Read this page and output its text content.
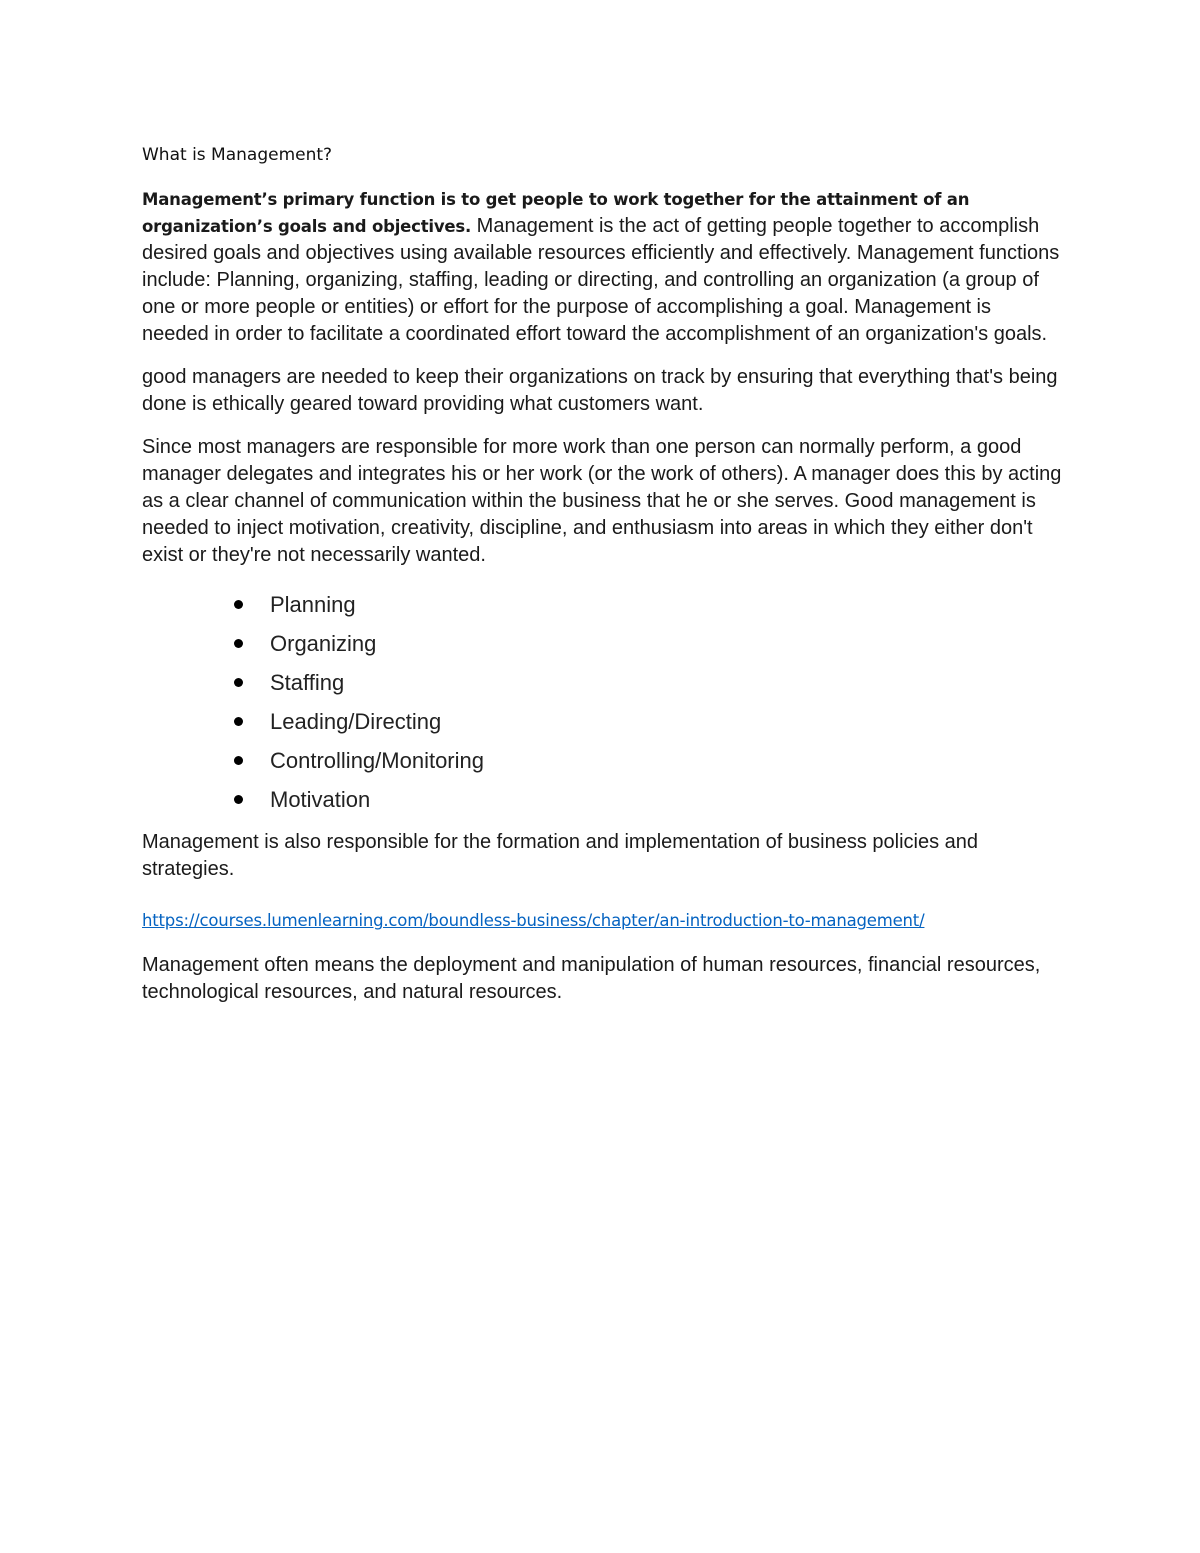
What is Management?

Management’s primary function is to get people to work together for the attainment of an organization’s goals and objectives. Management is the act of getting people together to accomplish desired goals and objectives using available resources efficiently and effectively. Management functions include: Planning, organizing, staffing, leading or directing, and controlling an organization (a group of one or more people or entities) or effort for the purpose of accomplishing a goal. Management is needed in order to facilitate a coordinated effort toward the accomplishment of an organization's goals.

good managers are needed to keep their organizations on track by ensuring that everything that's being done is ethically geared toward providing what customers want.

Since most managers are responsible for more work than one person can normally perform, a good manager delegates and integrates his or her work (or the work of others). A manager does this by acting as a clear channel of communication within the business that he or she serves. Good management is needed to inject motivation, creativity, discipline, and enthusiasm into areas in which they either don't exist or they're not necessarily wanted.

Planning
Organizing
Staffing
Leading/Directing
Controlling/Monitoring
Motivation

Management is also responsible for the formation and implementation of business policies and strategies.

https://courses.lumenlearning.com/boundless-business/chapter/an-introduction-to-management/

Management often means the deployment and manipulation of human resources, financial resources, technological resources, and natural resources.
